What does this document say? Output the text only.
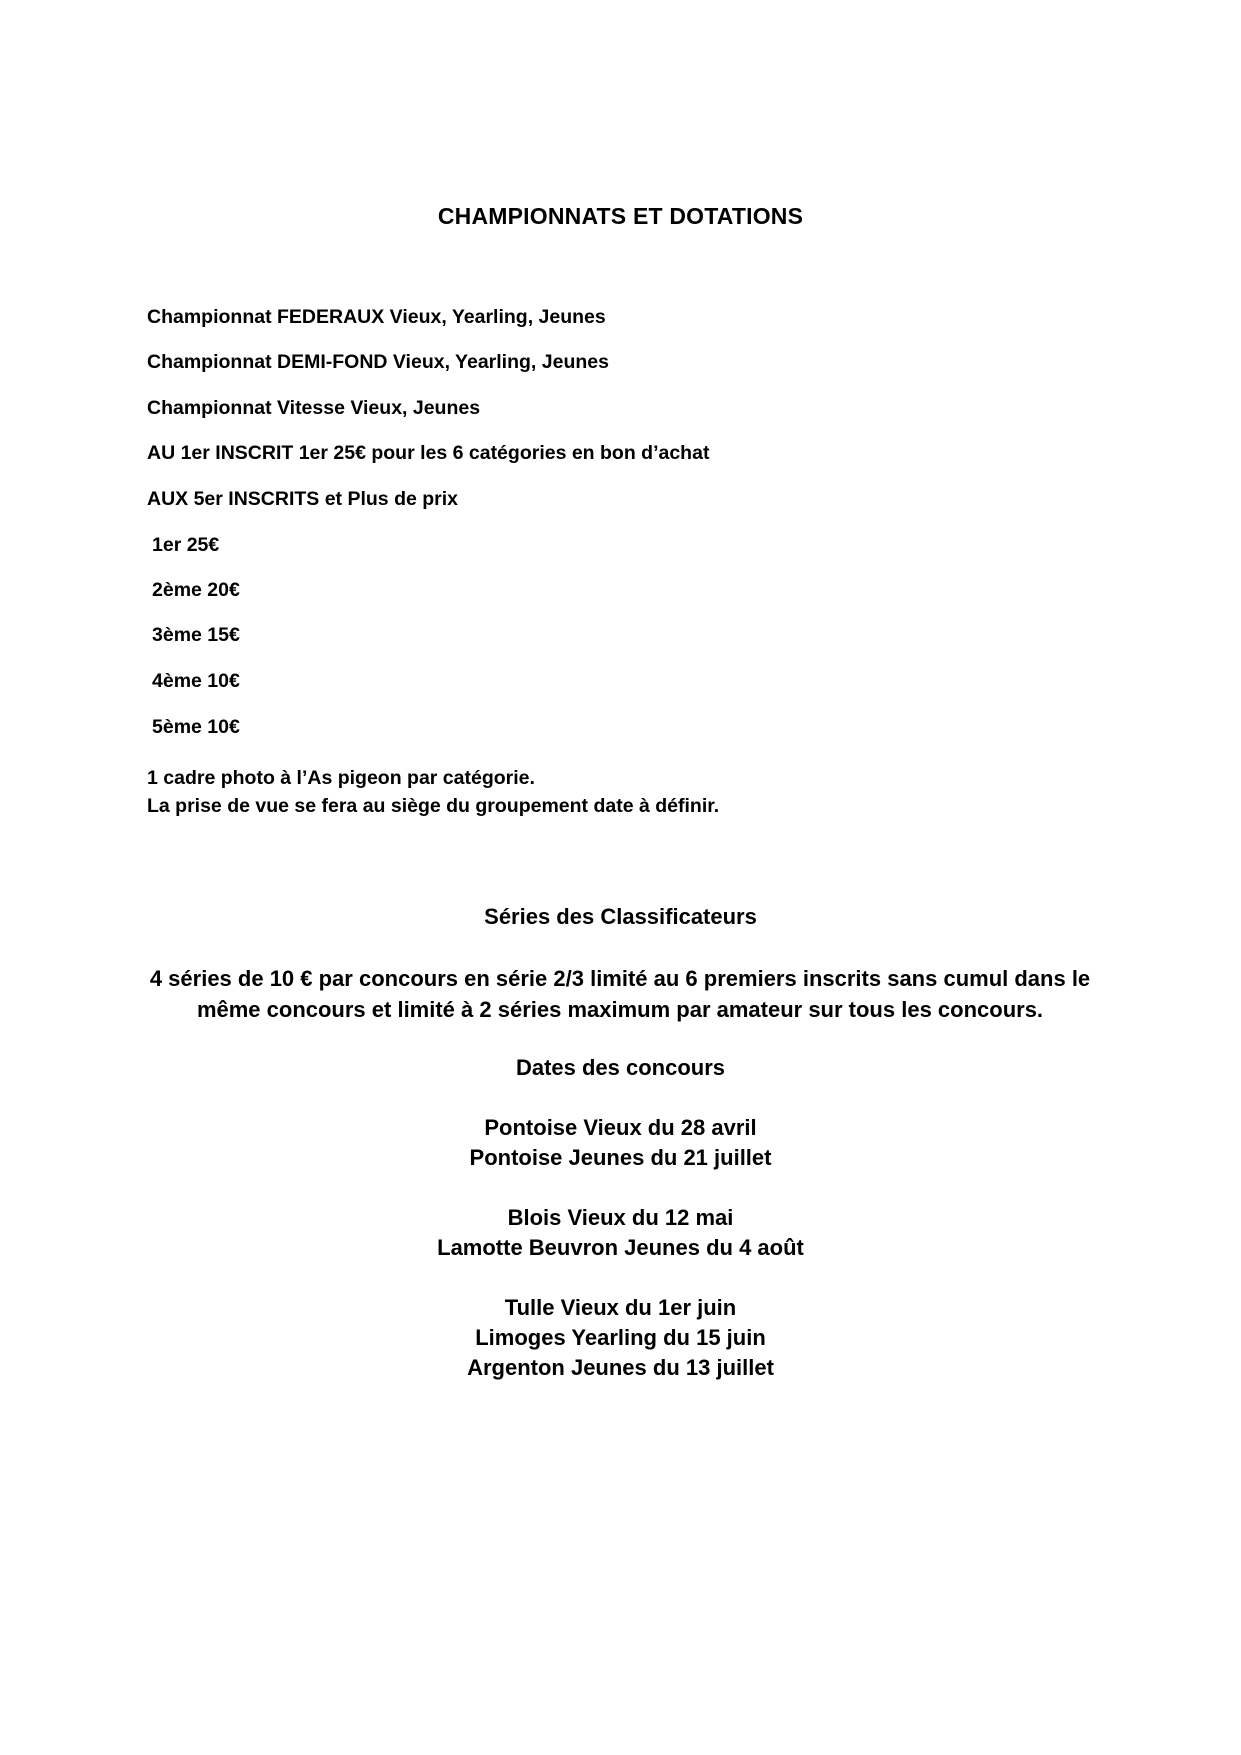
CHAMPIONNATS ET DOTATIONS
Championnat FEDERAUX Vieux, Yearling, Jeunes
Championnat DEMI-FOND Vieux, Yearling, Jeunes
Championnat Vitesse Vieux, Jeunes
AU 1er INSCRIT 1er 25€ pour les 6 catégories en bon d’achat
AUX 5er INSCRITS et Plus de prix
1er 25€
2ème 20€
3ème 15€
4ème 10€
5ème 10€
1 cadre photo à l’As pigeon par catégorie.
La prise de vue se fera au siège du groupement date à définir.
Séries des Classificateurs
4 séries de 10 € par concours en série 2/3 limité au 6 premiers inscrits sans cumul dans le même concours et limité à 2 séries maximum par amateur sur tous les concours.
Dates des concours
Pontoise Vieux du 28 avril
Pontoise Jeunes du 21 juillet
Blois Vieux du 12 mai
Lamotte Beuvron Jeunes du 4 août
Tulle Vieux du 1er juin
Limoges Yearling du 15 juin
Argenton Jeunes du 13 juillet
